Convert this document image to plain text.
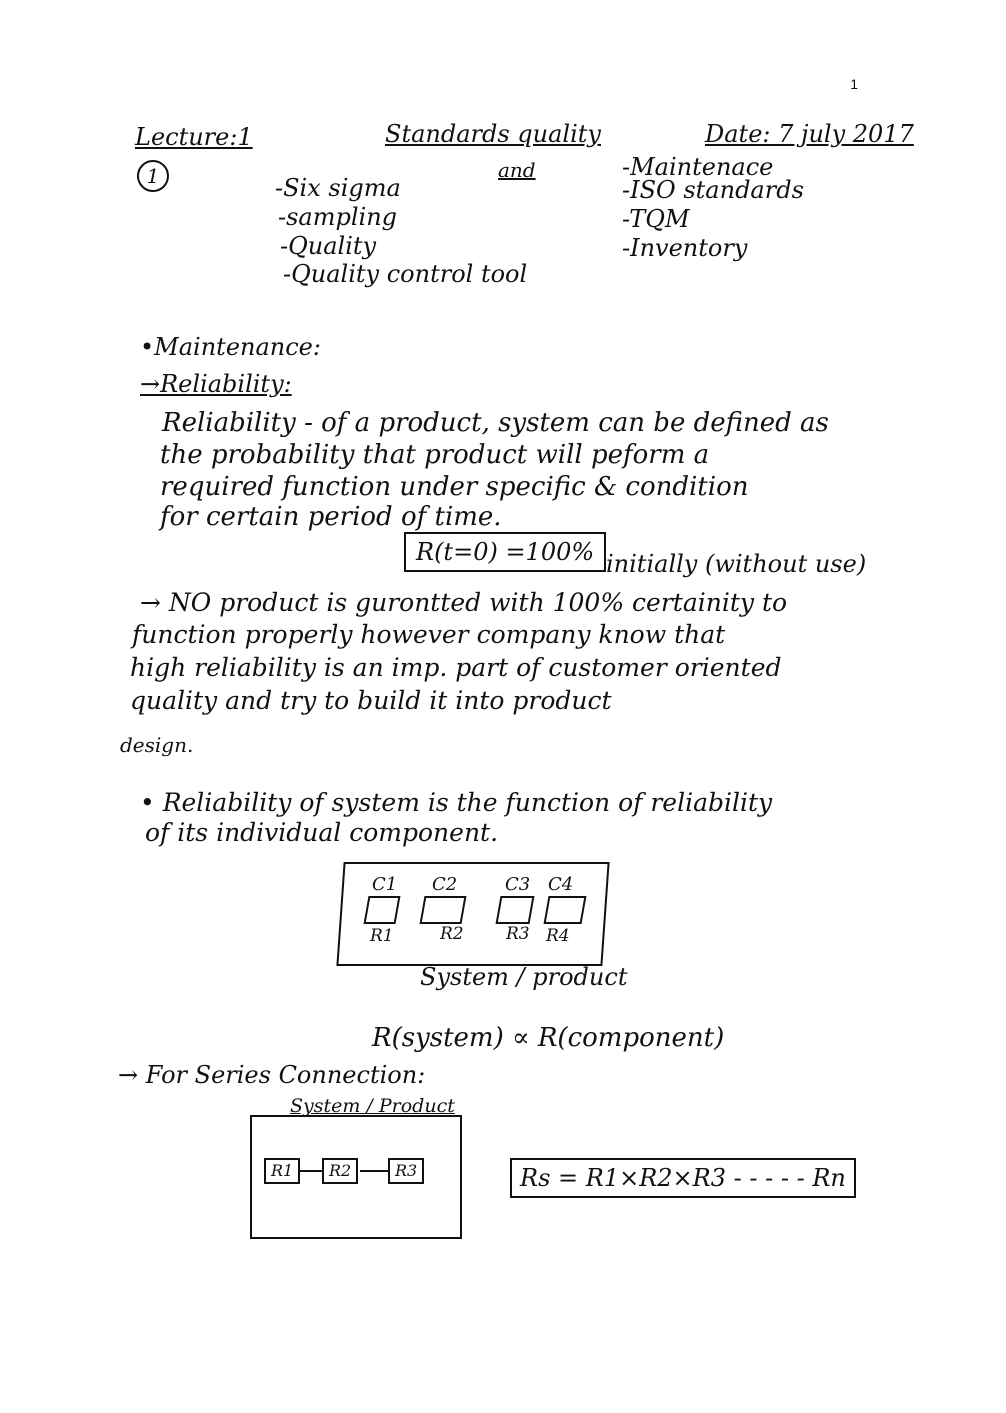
1
Lecture:1
1
Standards quality
and
Date: 7 july 2017
-Six sigma
-sampling
-Quality
-Quality control tool
-Maintenace
-ISO standards
-TQM
-Inventory
•Maintenance:
→Reliability:
Reliability - of a product, system can be defined as
the probability that product will peform a
required function under specific & condition
for certain period of time.
R(t=0) =100% initially (without use)
→ NO product is gurontted with 100% certainity to
function properly however company know that
high reliability is an imp. part of customer oriented
quality and try to build it into product
design.
• Reliability of system is the function of reliability
of its individual component.
C1 C2	C3 C4
R1	R2 R3 R4
System / product
R(system) ∝ R(component)
→ For Series Connection:
System / Product
R1	R2	R3	Rs = R1×R2×R3 - - - - - Rn
